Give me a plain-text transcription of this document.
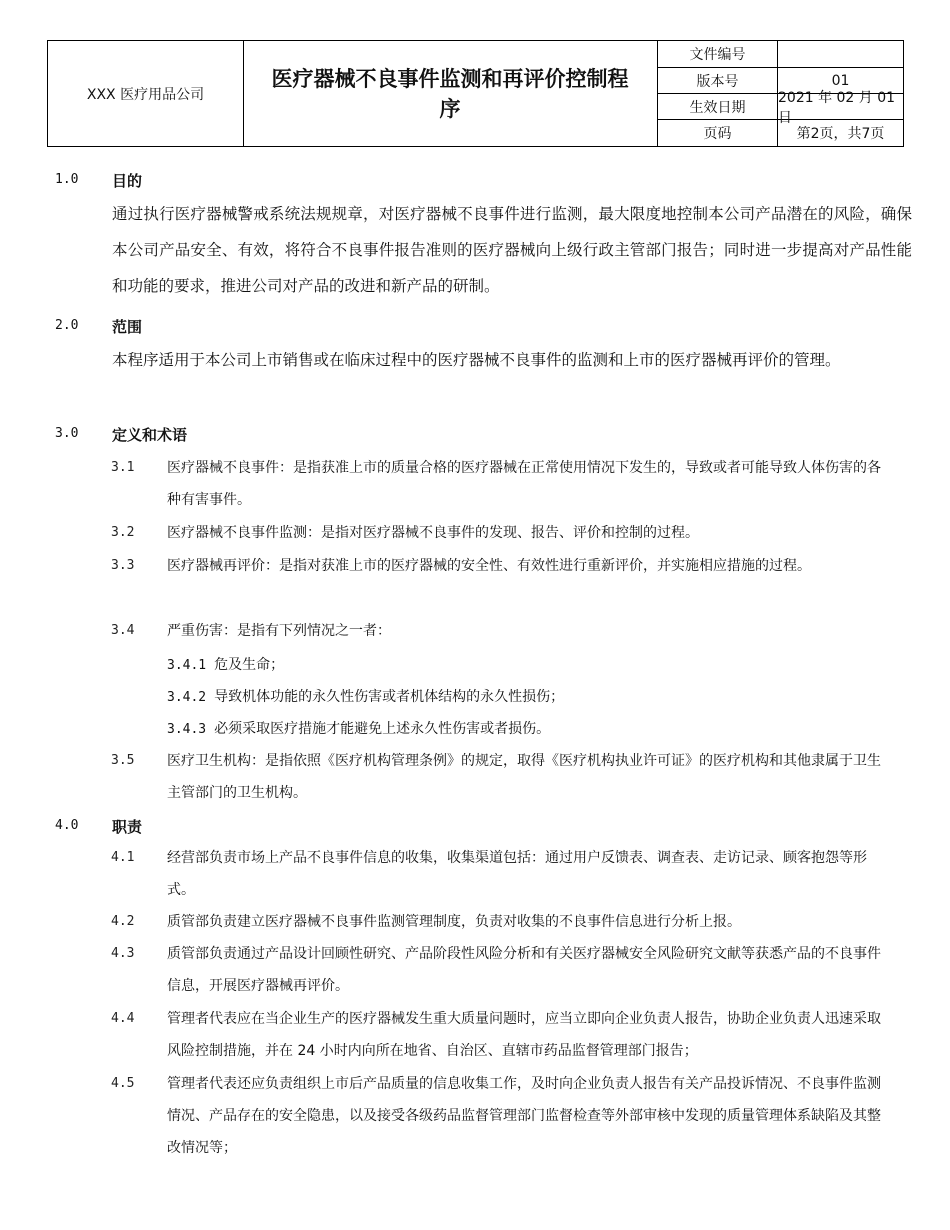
XXX 医疗用品公司
医疗器械不良事件监测和再评价控制程序
文件编号
版本号	01
生效日期
2021 年 02 月 01 日
页码	第2页，共7页
1.0 目的
通过执行医疗器械警戒系统法规规章，对医疗器械不良事件进行监测，最大限度地控制本公司产品潜在的风险，确保本公司产品安全、有效，将符合不良事件报告准则的医疗器械向上级行政主管部门报告；同时进一步提高对产品性能和功能的要求，推进公司对产品的改进和新产品的研制。
2.0 范围
本程序适用于本公司上市销售或在临床过程中的医疗器械不良事件的监测和上市的医疗器械再评价的管理。
3.0 定义和术语
3.1 医疗器械不良事件：是指获准上市的质量合格的医疗器械在正常使用情况下发生的，导致或者可能导致人体伤害的各种有害事件。
3.2 医疗器械不良事件监测：是指对医疗器械不良事件的发现、报告、评价和控制的过程。
3.3 医疗器械再评价：是指对获准上市的医疗器械的安全性、有效性进行重新评价，并实施相应措施的过程。
3.4 严重伤害：是指有下列情况之一者：
3.4.1 危及生命；
3.4.2 导致机体功能的永久性伤害或者机体结构的永久性损伤；
3.4.3 必须采取医疗措施才能避免上述永久性伤害或者损伤。
3.5 医疗卫生机构：是指依照《医疗机构管理条例》的规定，取得《医疗机构执业许可证》的医疗机构和其他隶属于卫生主管部门的卫生机构。
4.0 职责
4.1 经营部负责市场上产品不良事件信息的收集，收集渠道包括：通过用户反馈表、调查表、走访记录、顾客抱怨等形式。
4.2 质管部负责建立医疗器械不良事件监测管理制度，负责对收集的不良事件信息进行分析上报。
4.3 质管部负责通过产品设计回顾性研究、产品阶段性风险分析和有关医疗器械安全风险研究文献等获悉产品的不良事件信息，开展医疗器械再评价。
4.4 管理者代表应在当企业生产的医疗器械发生重大质量问题时，应当立即向企业负责人报告，协助企业负责人迅速采取风险控制措施，并在 24 小时内向所在地省、自治区、直辖市药品监督管理部门报告；
4.5 管理者代表还应负责组织上市后产品质量的信息收集工作，及时向企业负责人报告有关产品投诉情况、不良事件监测情况、产品存在的安全隐患，以及接受各级药品监督管理部门监督检查等外部审核中发现的质量管理体系缺陷及其整改情况等；
